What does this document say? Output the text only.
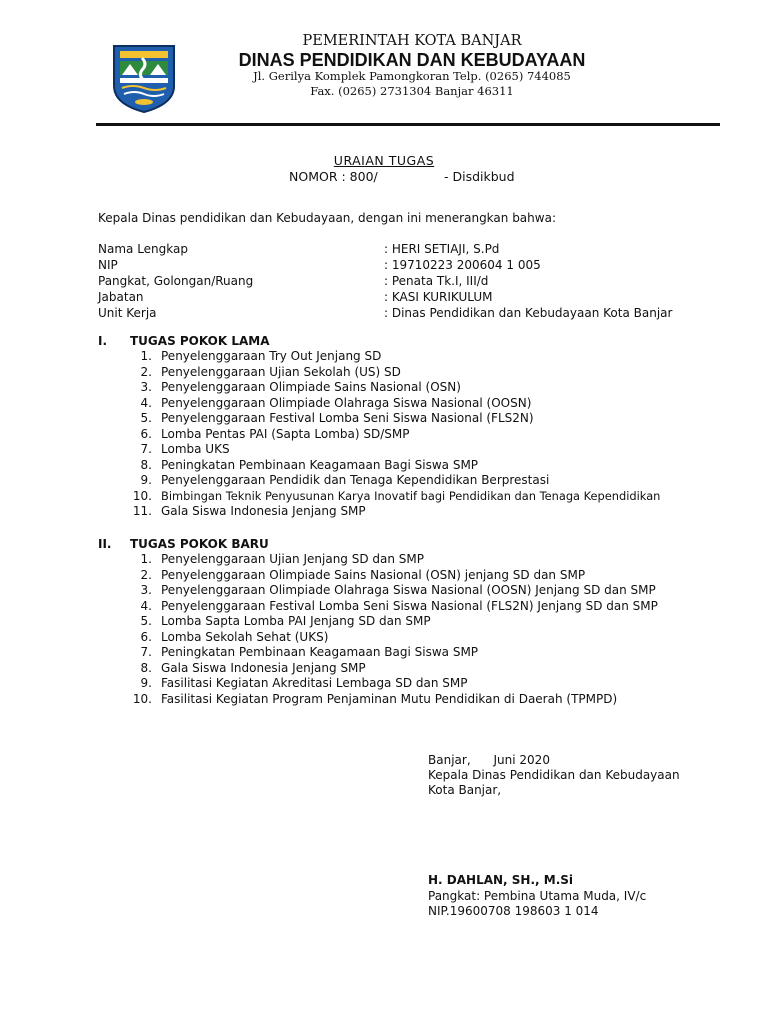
PEMERINTAH KOTA BANJAR
DINAS PENDIDIKAN DAN KEBUDAYAAN
Jl. Gerilya Komplek Pamongkoran Telp. (0265) 744085
Fax. (0265) 2731304 Banjar 46311
URAIAN TUGAS
NOMOR : 800/	- Disdikbud
Kepala Dinas pendidikan dan Kebudayaan, dengan ini menerangkan bahwa:
Nama Lengkap	: HERI SETIAJI, S.Pd
NIP	: 19710223 200604 1 005
Pangkat, Golongan/Ruang	: Penata Tk.I, III/d
Jabatan	: KASI KURIKULUM
Unit Kerja	: Dinas Pendidikan dan Kebudayaan Kota Banjar
I. TUGAS POKOK LAMA
1. Penyelenggaraan Try Out Jenjang SD
2. Penyelenggaraan Ujian Sekolah (US) SD
3. Penyelenggaraan Olimpiade Sains Nasional (OSN)
4. Penyelenggaraan Olimpiade Olahraga Siswa Nasional (OOSN)
5. Penyelenggaraan Festival Lomba Seni Siswa Nasional (FLS2N)
6. Lomba Pentas PAI (Sapta Lomba) SD/SMP
7. Lomba UKS
8. Peningkatan Pembinaan Keagamaan Bagi Siswa SMP
9. Penyelenggaraan Pendidik dan Tenaga Kependidikan Berprestasi
10. Bimbingan Teknik Penyusunan Karya Inovatif bagi Pendidikan dan Tenaga Kependidikan
11. Gala Siswa Indonesia Jenjang SMP
II. TUGAS POKOK BARU
1. Penyelenggaraan Ujian Jenjang SD dan SMP
2. Penyelenggaraan Olimpiade Sains Nasional (OSN) jenjang SD dan SMP
3. Penyelenggaraan Olimpiade Olahraga Siswa Nasional (OOSN) Jenjang SD dan SMP
4. Penyelenggaraan Festival Lomba Seni Siswa Nasional (FLS2N) Jenjang SD dan SMP
5. Lomba Sapta Lomba PAI Jenjang SD dan SMP
6. Lomba Sekolah Sehat (UKS)
7. Peningkatan Pembinaan Keagamaan Bagi Siswa SMP
8. Gala Siswa Indonesia Jenjang SMP
9. Fasilitasi Kegiatan Akreditasi Lembaga SD dan SMP
10. Fasilitasi Kegiatan Program Penjaminan Mutu Pendidikan di Daerah (TPMPD)
Banjar,      Juni 2020
Kepala Dinas Pendidikan dan Kebudayaan
Kota Banjar,
H. DAHLAN, SH., M.Si
Pangkat: Pembina Utama Muda, IV/c
NIP.19600708 198603 1 014
